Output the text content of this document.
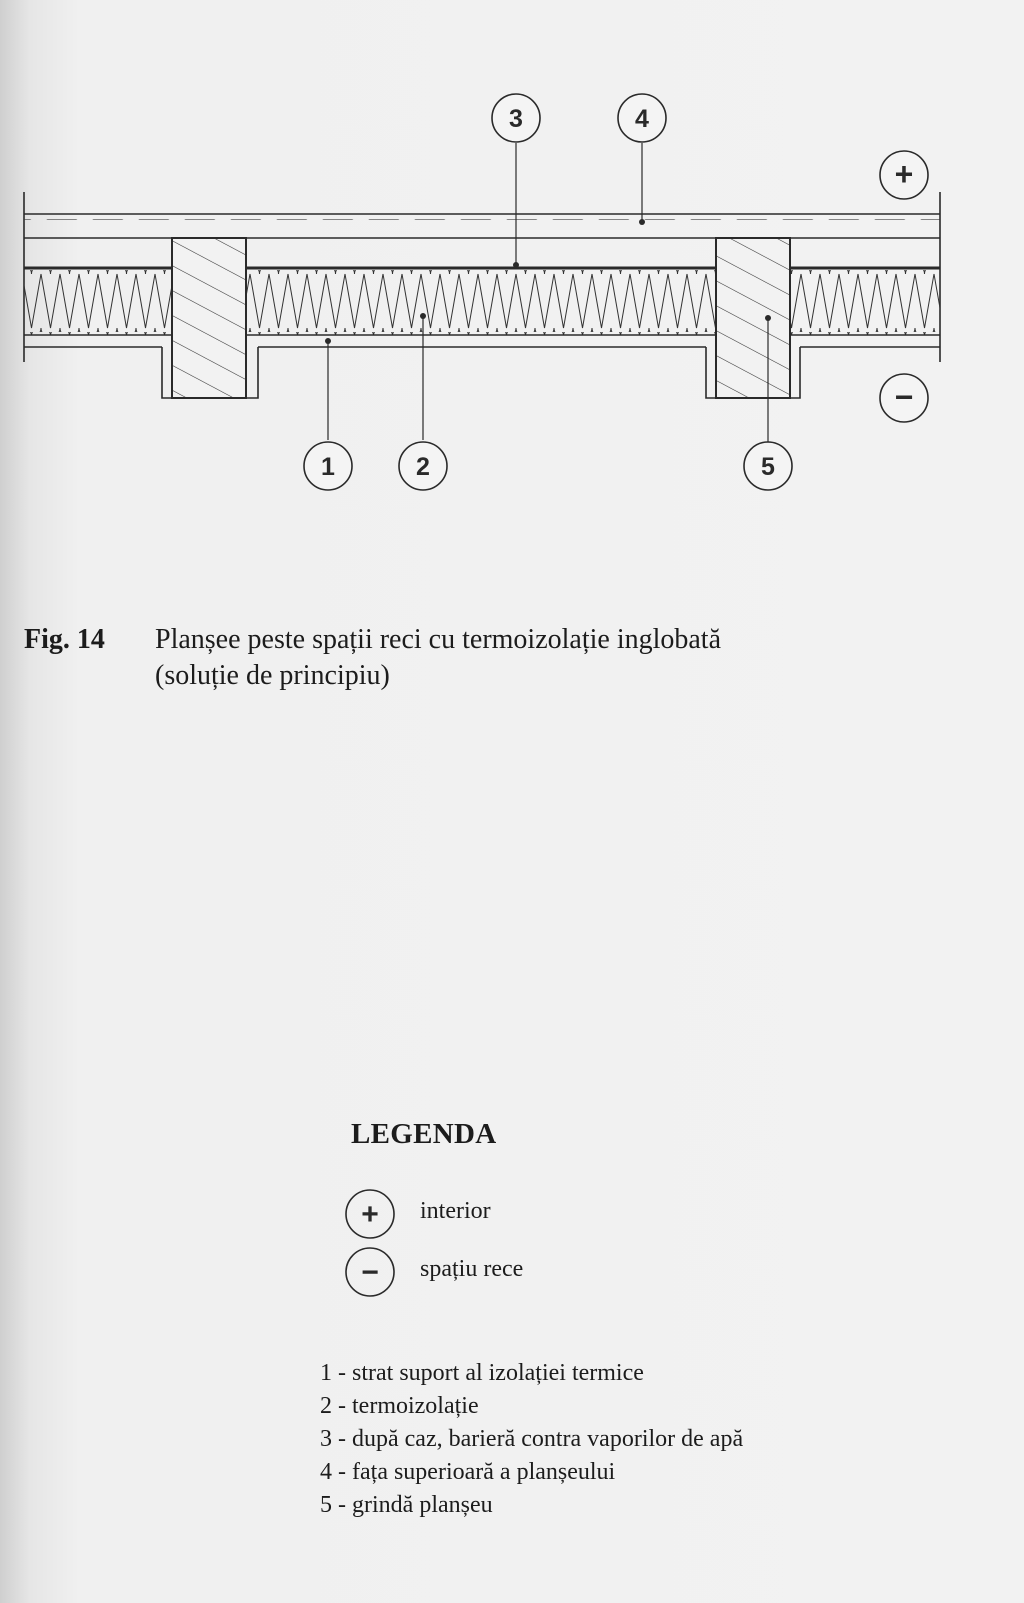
1	2
3	4
5
+
−
Fig. 14	Planșee peste spații reci cu termoizolație inglobată
(soluție de principiu)
LEGENDA
+ interior
− spațiu rece
1 - strat suport al izolației termice
2 - termoizolație
3 - după caz, barieră contra vaporilor de apă
4 - fața superioară a planșeului
5 - grindă planșeu
